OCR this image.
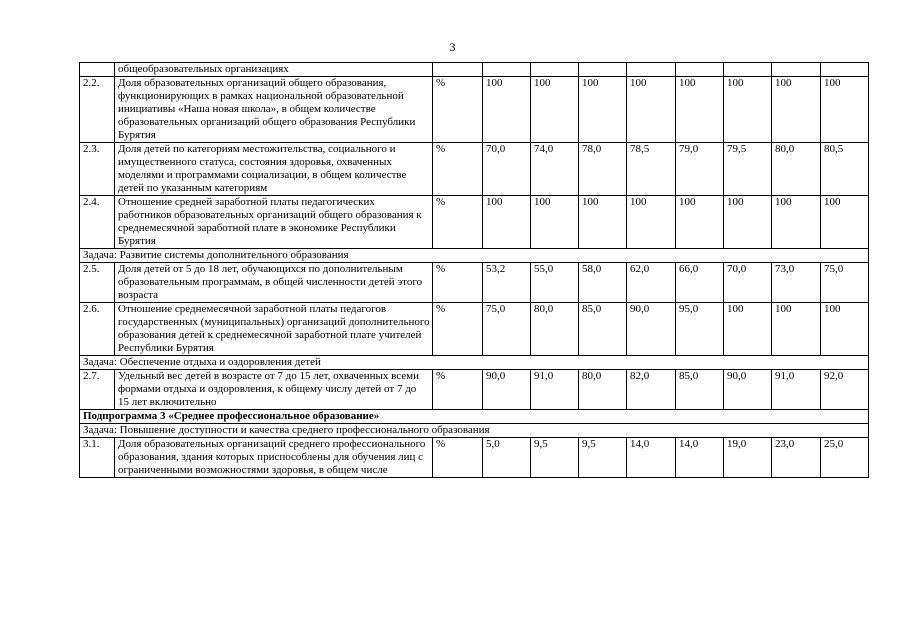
3
	общеобразовательных организациях									
2.2.	Доля образовательных организаций общего образования, функционирующих в рамках национальной образовательной инициативы «Наша новая школа», в общем количестве образовательных организаций общего образования Республики Бурятия	%	100	100	100	100	100	100	100	100
2.3.	Доля детей по категориям местожительства, социального и имущественного статуса, состояния здоровья, охваченных моделями и программами социализации, в общем количестве детей по указанным категориям	%	70,0	74,0	78,0	78,5	79,0	79,5	80,0	80,5
2.4.	Отношение средней заработной платы педагогических работников образовательных организаций общего образования к среднемесячной заработной плате в экономике Республики Бурятия	%	100	100	100	100	100	100	100	100
Задача: Развитие системы дополнительного образования										
2.5.	Доля детей от 5 до 18 лет, обучающихся по дополнительным образовательным программам, в общей численности детей этого возраста	%	53,2	55,0	58,0	62,0	66,0	70,0	73,0	75,0
2.6.	Отношение среднемесячной заработной платы педагогов государственных (муниципальных) организаций дополнительного образования детей к среднемесячной заработной плате учителей Республики Бурятия	%	75,0	80,0	85,0	90,0	95,0	100	100	100
Задача: Обеспечение отдыха и оздоровления детей										
2.7.	Удельный вес детей в возрасте от 7 до 15 лет, охваченных всеми формами отдыха и оздоровления, к общему числу детей от 7 до 15 лет включительно	%	90,0	91,0	80,0	82,0	85,0	90,0	91,0	92,0
Подпрограмма 3 «Среднее профессиональное образование»										
Задача: Повышение доступности и качества среднего профессионального образования										
3.1.	Доля образовательных организаций среднего профессионального образования, здания которых приспособлены для обучения лиц с ограниченными возможностями здоровья, в общем числе	%	5,0	9,5	9,5	14,0	14,0	19,0	23,0	25,0
